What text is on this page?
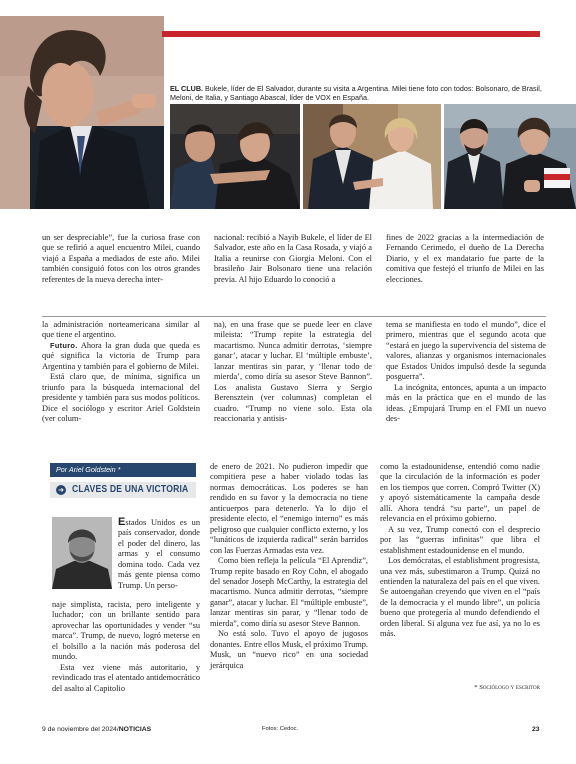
EL CLUB. Bukele, líder de El Salvador, durante su visita a Argentina. Milei tiene foto con todos: Bolsonaro, de Brasil, Meloni, de Italia, y Santiago Abascal, líder de VOX en España.

un ser despreciable”, fue la curiosa frase con que se refirió a aquel encuentro Milei, cuando viajó a España a mediados de este año. Milei también consiguió fotos con los otros grandes referentes de la nueva derecha inter-

nacional: recibió a Nayib Bukele, el líder de El Salvador, este año en la Casa Rosada, y viajó a Italia a reunirse con Giorgia Meloni. Con el brasileño Jair Bolsonaro tiene una relación previa. Al hijo Eduardo lo conoció a

fines de 2022 gracias a la intermediación de Fernando Cerimedo, el dueño de La Derecha Diario, y el ex mandatario fue parte de la comitiva que festejó el triunfo de Milei en las elecciones.

la administración norteamericana similar al que tiene el argentino.

Futuro. Ahora la gran duda que queda es qué significa la victoria de Trump para Argentina y también para el gobierno de Milei.

Está claro que, de mínima, significa un triunfo para la búsqueda internacional del presidente y también para sus modos políticos. Dice el sociólogo y escritor Ariel Goldstein (ver colum-

na), en una frase que se puede leer en clave mileista: “Trump repite la estrategia del macartismo. Nunca admitir derrotas, ‘siempre ganar’, atacar y luchar. El ‘múltiple embuste’, lanzar mentiras sin parar, y ‘llenar todo de mierda’, como diría su asesor Steve Bannon”. Los analista Gustavo Sierra y Sergio Berensztein (ver columnas) completan el cuadro. “Trump no viene solo. Esta ola reaccionaria y antisis-

tema se manifiesta en todo el mundo”, dice el primero, mientras que el segundo acota que “estará en juego la supervivencia del sistema de valores, alianzas y organismos internacionales que Estados Unidos impulsó desde la segunda posguerra”.

La incógnita, entonces, apunta a un impacto más en la práctica que en el mundo de las ideas. ¿Empujará Trump en el FMI un nuevo des-

Por Ariel Goldstein *
➜ CLAVES DE UNA VICTORIA

Estados Unidos es un país conservador, donde el poder del dinero, las armas y el consumo domina todo. Cada vez más gente piensa como Trump. Un perso-

naje simplista, racista, pero inteligente y luchador; con un brillante sentido para aprovechar las oportunidades y vender “su marca”. Trump, de nuevo, logró meterse en el bolsillo a la nación más poderosa del mundo.

Esta vez viene más autoritario, y revindicado tras el atentado antidemocrático del asalto al Capitolio

de enero de 2021. No pudieron impedir que compitiera pese a haber violado todas las normas democráticas. Los poderes se han rendido en su favor y la democracia no tiene anticuerpos para detenerlo. Ya lo dijo el presidente electo, el “enemigo interno” es más peligroso que cualquier conflicto externo, y los “lunáticos de izquierda radical” serán barridos con las Fuerzas Armadas esta vez.

Como bien refleja la película “El Aprendiz”, Trump repite basado en Roy Cohn, el abogado del senador Joseph McCarthy, la estrategia del macartismo. Nunca admitir derrotas, “siempre ganar”, atacar y luchar. El “múltiple embuste”, lanzar mentiras sin parar, y “llenar todo de mierda”, como diría su asesor Steve Bannon.

No está solo. Tuvo el apoyo de jugosos donantes. Entre ellos Musk, el próximo Trump. Musk, un “nuevo rico” en una sociedad jerárquica

como la estadounidense, entendió como nadie que la circulación de la información es poder en los tiempos que corren. Compró Twitter (X) y apoyó sistemáticamente la campaña desde allí. Ahora tendrá “su parte”, un papel de relevancia en el próximo gobierno.

A su vez, Trump conectó con el desprecio por las “guerras infinitas” que libra el establishment estadounidense en el mundo.

Los demócratas, el establishment progresista, una vez más, subestimaron a Trump. Quizá no entienden la naturaleza del país en el que viven. Se autoengañan creyendo que viven en el “país de la democracia y el mundo libre”, un policía bueno que protegería al mundo defendiendo el orden liberal. Si alguna vez fue así, ya no lo es más.

* Sociólogo y escritor
9 de noviembre del 2024/NOTICIAS	Fotos: Cedoc.	23
